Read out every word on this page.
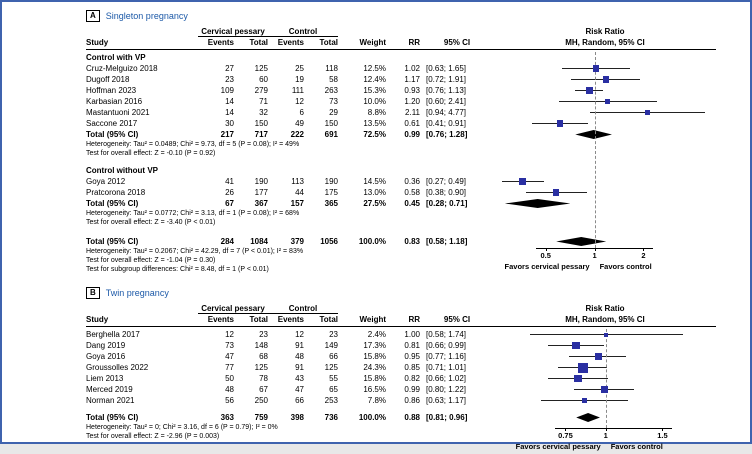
A	Singleton pregnancy
Cervical pessary	Control	Risk Ratio
Study	Events	Total	Events	Total	Weight	RR	95% CI	MH, Random, 95% CI
Control with VP
Cruz-Melguizo 2018	27	125	25	118	12.5%	1.02 [0.63; 1.65]
Dugoff 2018	23	60	19	58	12.4%	1.17 [0.72; 1.91]
Hoffman 2023	109	279	111	263	15.3%	0.93 [0.76; 1.13]
Karbasian 2016	14	71	12	73	10.0%	1.20 [0.60; 2.41]
Mastantuoni 2021	14	32	6	29	8.8%	2.11 [0.94; 4.77]
Saccone 2017	30	150	49	150	13.5%	0.61 [0.41; 0.91]
Total (95% CI)	217	717	222	691	72.5%	0.99 [0.76; 1.28]
Heterogeneity: Tau² = 0.0489; Chi² = 9.73, df = 5 (P = 0.08); I² = 49%
Test for overall effect: Z = -0.10 (P = 0.92)
Control without VP
Goya 2012	41	190	113	190	14.5%	0.36 [0.27; 0.49]
Pratcorona 2018	26	177	44	175	13.0%	0.58 [0.38; 0.90]
Total (95% CI)	67	367	157	365	27.5%	0.45 [0.28; 0.71]
Heterogeneity: Tau² = 0.0772; Chi² = 3.13, df = 1 (P = 0.08); I² = 68%
Test for overall effect: Z = -3.40 (P < 0.01)
Total (95% CI)	284	1084	379	1056	100.0%	0.83 [0.58; 1.18]
Heterogeneity: Tau² = 0.2067; Chi² = 42.29, df = 7 (P < 0.01); I² = 83%
Test for overall effect: Z = -1.04 (P = 0.30)
Test for subgroup differences: Chi² = 8.48, df = 1 (P < 0.01)
0.5	1	2
Favors cervical pessary Favors control
B	Twin pregnancy
Cervical pessary	Control	Risk Ratio
Study	Events	Total	Events	Total	Weight	RR	95% CI	MH, Random, 95% CI
Berghella 2017	12	23	12	23	2.4%	1.00 [0.58; 1.74]
Dang 2019	73	148	91	149	17.3%	0.81 [0.66; 0.99]
Goya 2016	47	68	48	66	15.8%	0.95 [0.77; 1.16]
Groussolles 2022	77	125	91	125	24.3%	0.85 [0.71; 1.01]
Liem 2013	50	78	43	55	15.8%	0.82 [0.66; 1.02]
Merced 2019	48	67	47	65	16.5%	0.99 [0.80; 1.22]
Norman 2021	56	250	66	253	7.8%	0.86 [0.63; 1.17]
Total (95% CI)	363	759	398	736	100.0%	0.88 [0.81; 0.96]
Heterogeneity: Tau² = 0; Chi² = 3.16, df = 6 (P = 0.79); I² = 0%
Test for overall effect: Z = -2.96 (P = 0.003)	0.75	1	1.5
Favors cervical pessary Favors control
